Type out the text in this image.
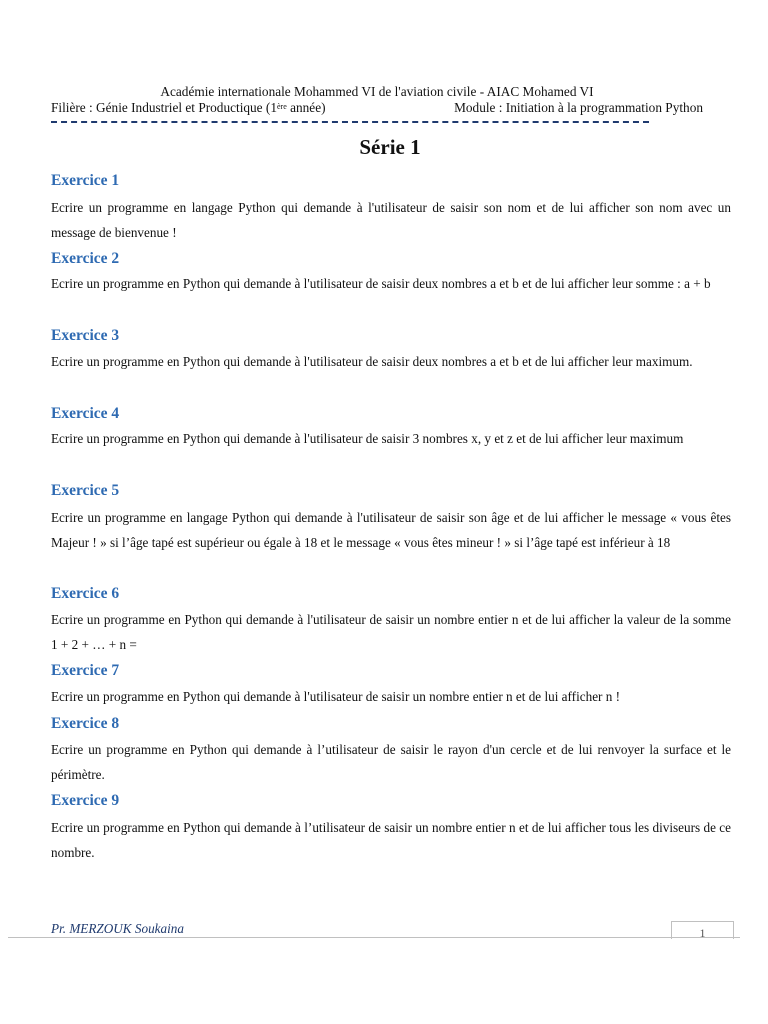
Académie internationale Mohammed VI de l'aviation civile - AIAC Mohamed VI
Filière : Génie Industriel et Productique (1ère année)	Module : Initiation à la programmation Python
Série 1
Exercice 1
Ecrire un programme en langage Python qui demande à l'utilisateur de saisir son nom et de lui afficher son nom avec un message de bienvenue !
Exercice 2
Ecrire un programme en Python qui demande à l'utilisateur de saisir deux nombres a et b et de lui afficher leur somme : a + b
Exercice 3
Ecrire un programme en Python qui demande à l'utilisateur de saisir deux nombres a et b et de lui afficher leur maximum.
Exercice 4
Ecrire un programme en Python qui demande à l'utilisateur de saisir 3 nombres x, y et z et de lui afficher leur maximum
Exercice 5
Ecrire un programme en langage Python qui demande à l'utilisateur de saisir son âge et de lui afficher le message « vous êtes Majeur ! » si l’âge tapé est supérieur ou égale à 18 et le message « vous êtes mineur ! » si l’âge tapé est inférieur à 18
Exercice 6
Ecrire un programme en Python qui demande à l'utilisateur de saisir un nombre entier n et de lui afficher la valeur de la somme 1 + 2 + … + n =
Exercice 7
Ecrire un programme en Python qui demande à l'utilisateur de saisir un nombre entier n et de lui afficher n !
Exercice 8
Ecrire un programme en Python qui demande à l’utilisateur de saisir le rayon d'un cercle et de lui renvoyer la surface et le périmètre.
Exercice 9
Ecrire un programme en Python qui demande à l’utilisateur de saisir un nombre entier n et de lui afficher tous les diviseurs de ce nombre.
Pr. MERZOUK Soukaina	1
